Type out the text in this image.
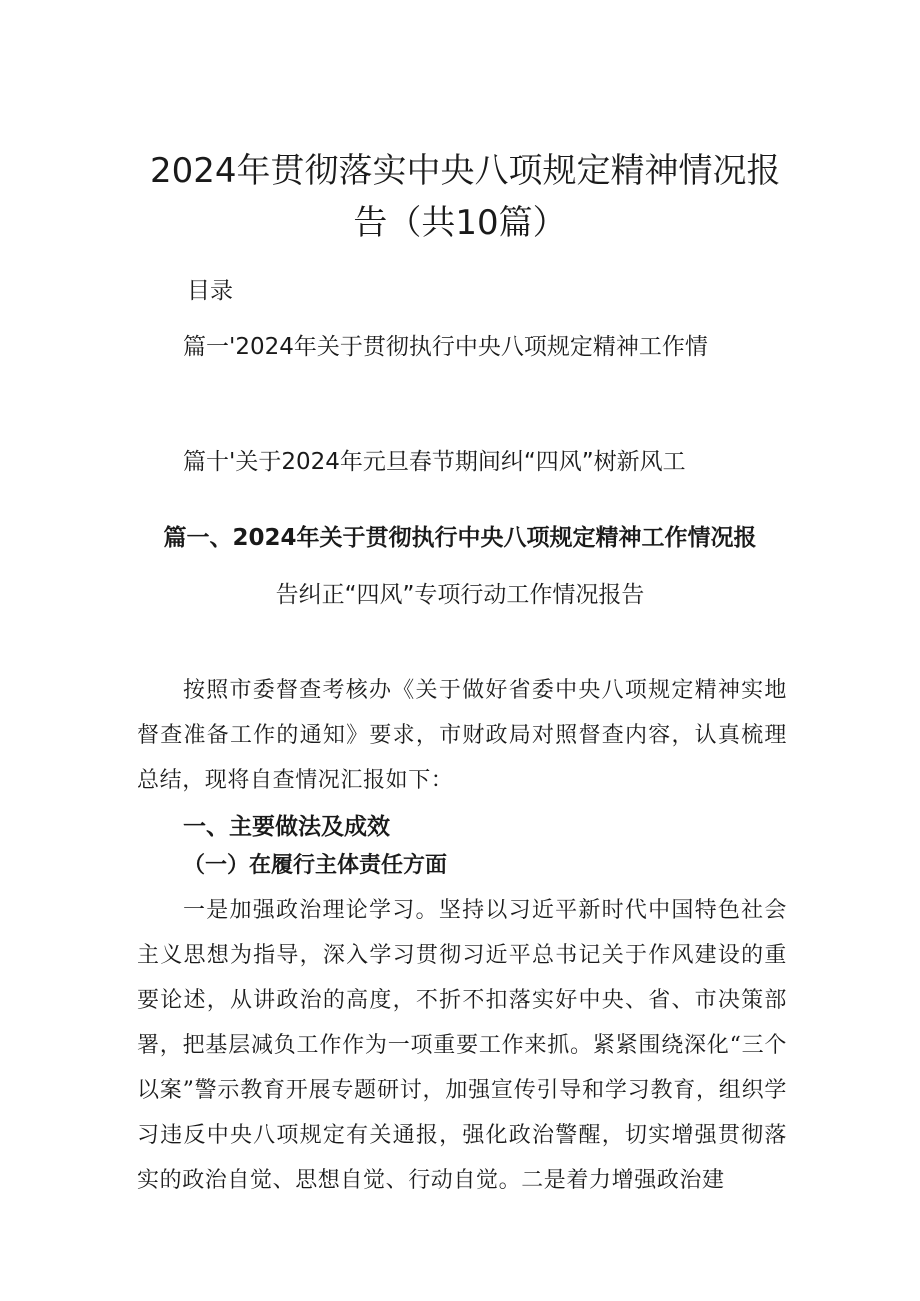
2024年贯彻落实中央八项规定精神情况报
告（共10篇）
目录
篇一'2024年关于贯彻执行中央八项规定精神工作情
篇十'关于2024年元旦春节期间纠“四风”树新风工
篇一、2024年关于贯彻执行中央八项规定精神工作情况报
告纠正“四风”专项行动工作情况报告

按照市委督查考核办《关于做好省委中央八项规定精神实地督查准备工作的通知》要求，市财政局对照督查内容，认真梳理总结，现将自查情况汇报如下：

一、主要做法及成效
（一）在履行主体责任方面

一是加强政治理论学习。坚持以习近平新时代中国特色社会主义思想为指导，深入学习贯彻习近平总书记关于作风建设的重要论述，从讲政治的高度，不折不扣落实好中央、省、市决策部署，把基层减负工作作为一项重要工作来抓。紧紧围绕深化“三个以案”警示教育开展专题研讨，加强宣传引导和学习教育，组织学习违反中央八项规定有关通报，强化政治警醒，切实增强贯彻落实的政治自觉、思想自觉、行动自觉。二是着力增强政治建
